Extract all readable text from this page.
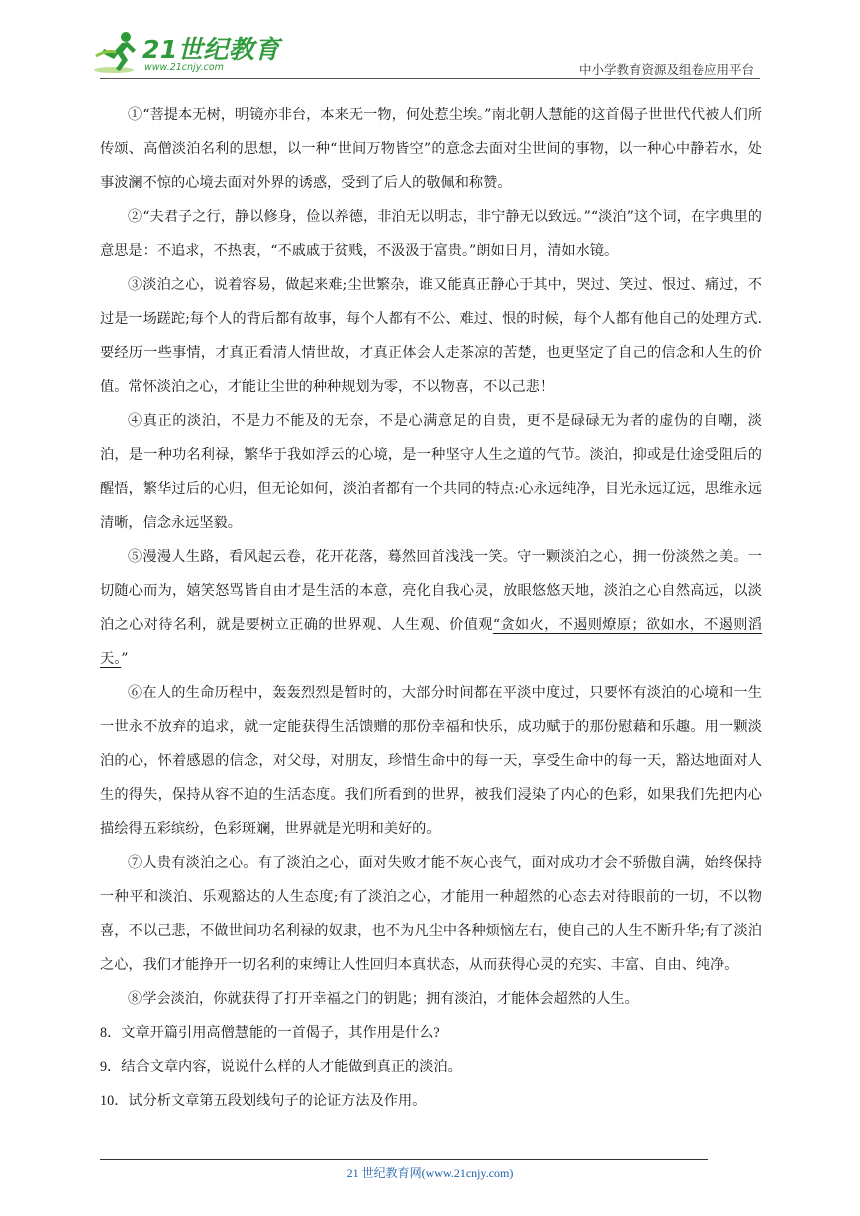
21世纪教育
www.21cnjy.com	中小学教育资源及组卷应用平台

①“菩提本无树，明镜亦非台，本来无一物，何处惹尘埃。”南北朝人慧能的这首偈子世世代代被人们所传颂、高僧淡泊名利的思想，以一种“世间万物皆空”的意念去面对尘世间的事物，以一种心中静若水，处事波澜不惊的心境去面对外界的诱惑，受到了后人的敬佩和称赞。

②“夫君子之行，静以修身，俭以养德，非泊无以明志，非宁静无以致远。”“淡泊”这个词，在字典里的意思是：不追求，不热衷，“不戚戚于贫贱，不汲汲于富贵。”朗如日月，清如水镜。

③淡泊之心，说着容易，做起来难;尘世繁杂，谁又能真正静心于其中，哭过、笑过、恨过、痛过，不过是一场蹉跎;每个人的背后都有故事，每个人都有不公、难过、恨的时候，每个人都有他自己的处理方式.要经历一些事情，才真正看清人情世故，才真正体会人走茶凉的苦楚，也更坚定了自己的信念和人生的价值。常怀淡泊之心，才能让尘世的种种规划为零，不以物喜，不以己悲！

④真正的淡泊，不是力不能及的无奈，不是心满意足的自贵，更不是碌碌无为者的虚伪的自嘲，淡泊，是一种功名利禄，繁华于我如浮云的心境，是一种坚守人生之道的气节。淡泊，抑或是仕途受阻后的醒悟，繁华过后的心归，但无论如何，淡泊者都有一个共同的特点:心永远纯净，目光永远辽远，思维永远清晰，信念永远坚毅。

⑤漫漫人生路，看风起云卷，花开花落，蓦然回首浅浅一笑。守一颗淡泊之心，拥一份淡然之美。一切随心而为，嬉笑怒骂皆自由才是生活的本意，亮化自我心灵，放眼悠悠天地，淡泊之心自然高远，以淡泊之心对待名利，就是要树立正确的世界观、人生观、价值观“贪如火，不遏则燎原；欲如水，不遏则滔天。”

⑥在人的生命历程中，轰轰烈烈是暂时的，大部分时间都在平淡中度过，只要怀有淡泊的心境和一生一世永不放弃的追求，就一定能获得生活馈赠的那份幸福和快乐，成功赋于的那份慰藉和乐趣。用一颗淡泊的心，怀着感恩的信念，对父母，对朋友，珍惜生命中的每一天，享受生命中的每一天，豁达地面对人生的得失，保持从容不迫的生活态度。我们所看到的世界，被我们浸染了内心的色彩，如果我们先把内心描绘得五彩缤纷，色彩斑斓，世界就是光明和美好的。

⑦人贵有淡泊之心。有了淡泊之心，面对失败才能不灰心丧气，面对成功才会不骄傲自满，始终保持一种平和淡泊、乐观豁达的人生态度;有了淡泊之心，才能用一种超然的心态去对待眼前的一切，不以物喜，不以己悲，不做世间功名利禄的奴隶，也不为凡尘中各种烦恼左右，使自己的人生不断升华;有了淡泊之心，我们才能挣开一切名利的束缚让人性回归本真状态，从而获得心灵的充实、丰富、自由、纯净。

⑧学会淡泊，你就获得了打开幸福之门的钥匙；拥有淡泊，才能体会超然的人生。

8．文章开篇引用高僧慧能的一首偈子，其作用是什么?

9．结合文章内容，说说什么样的人才能做到真正的淡泊。

10．试分析文章第五段划线句子的论证方法及作用。

21 世纪教育网(www.21cnjy.com)
